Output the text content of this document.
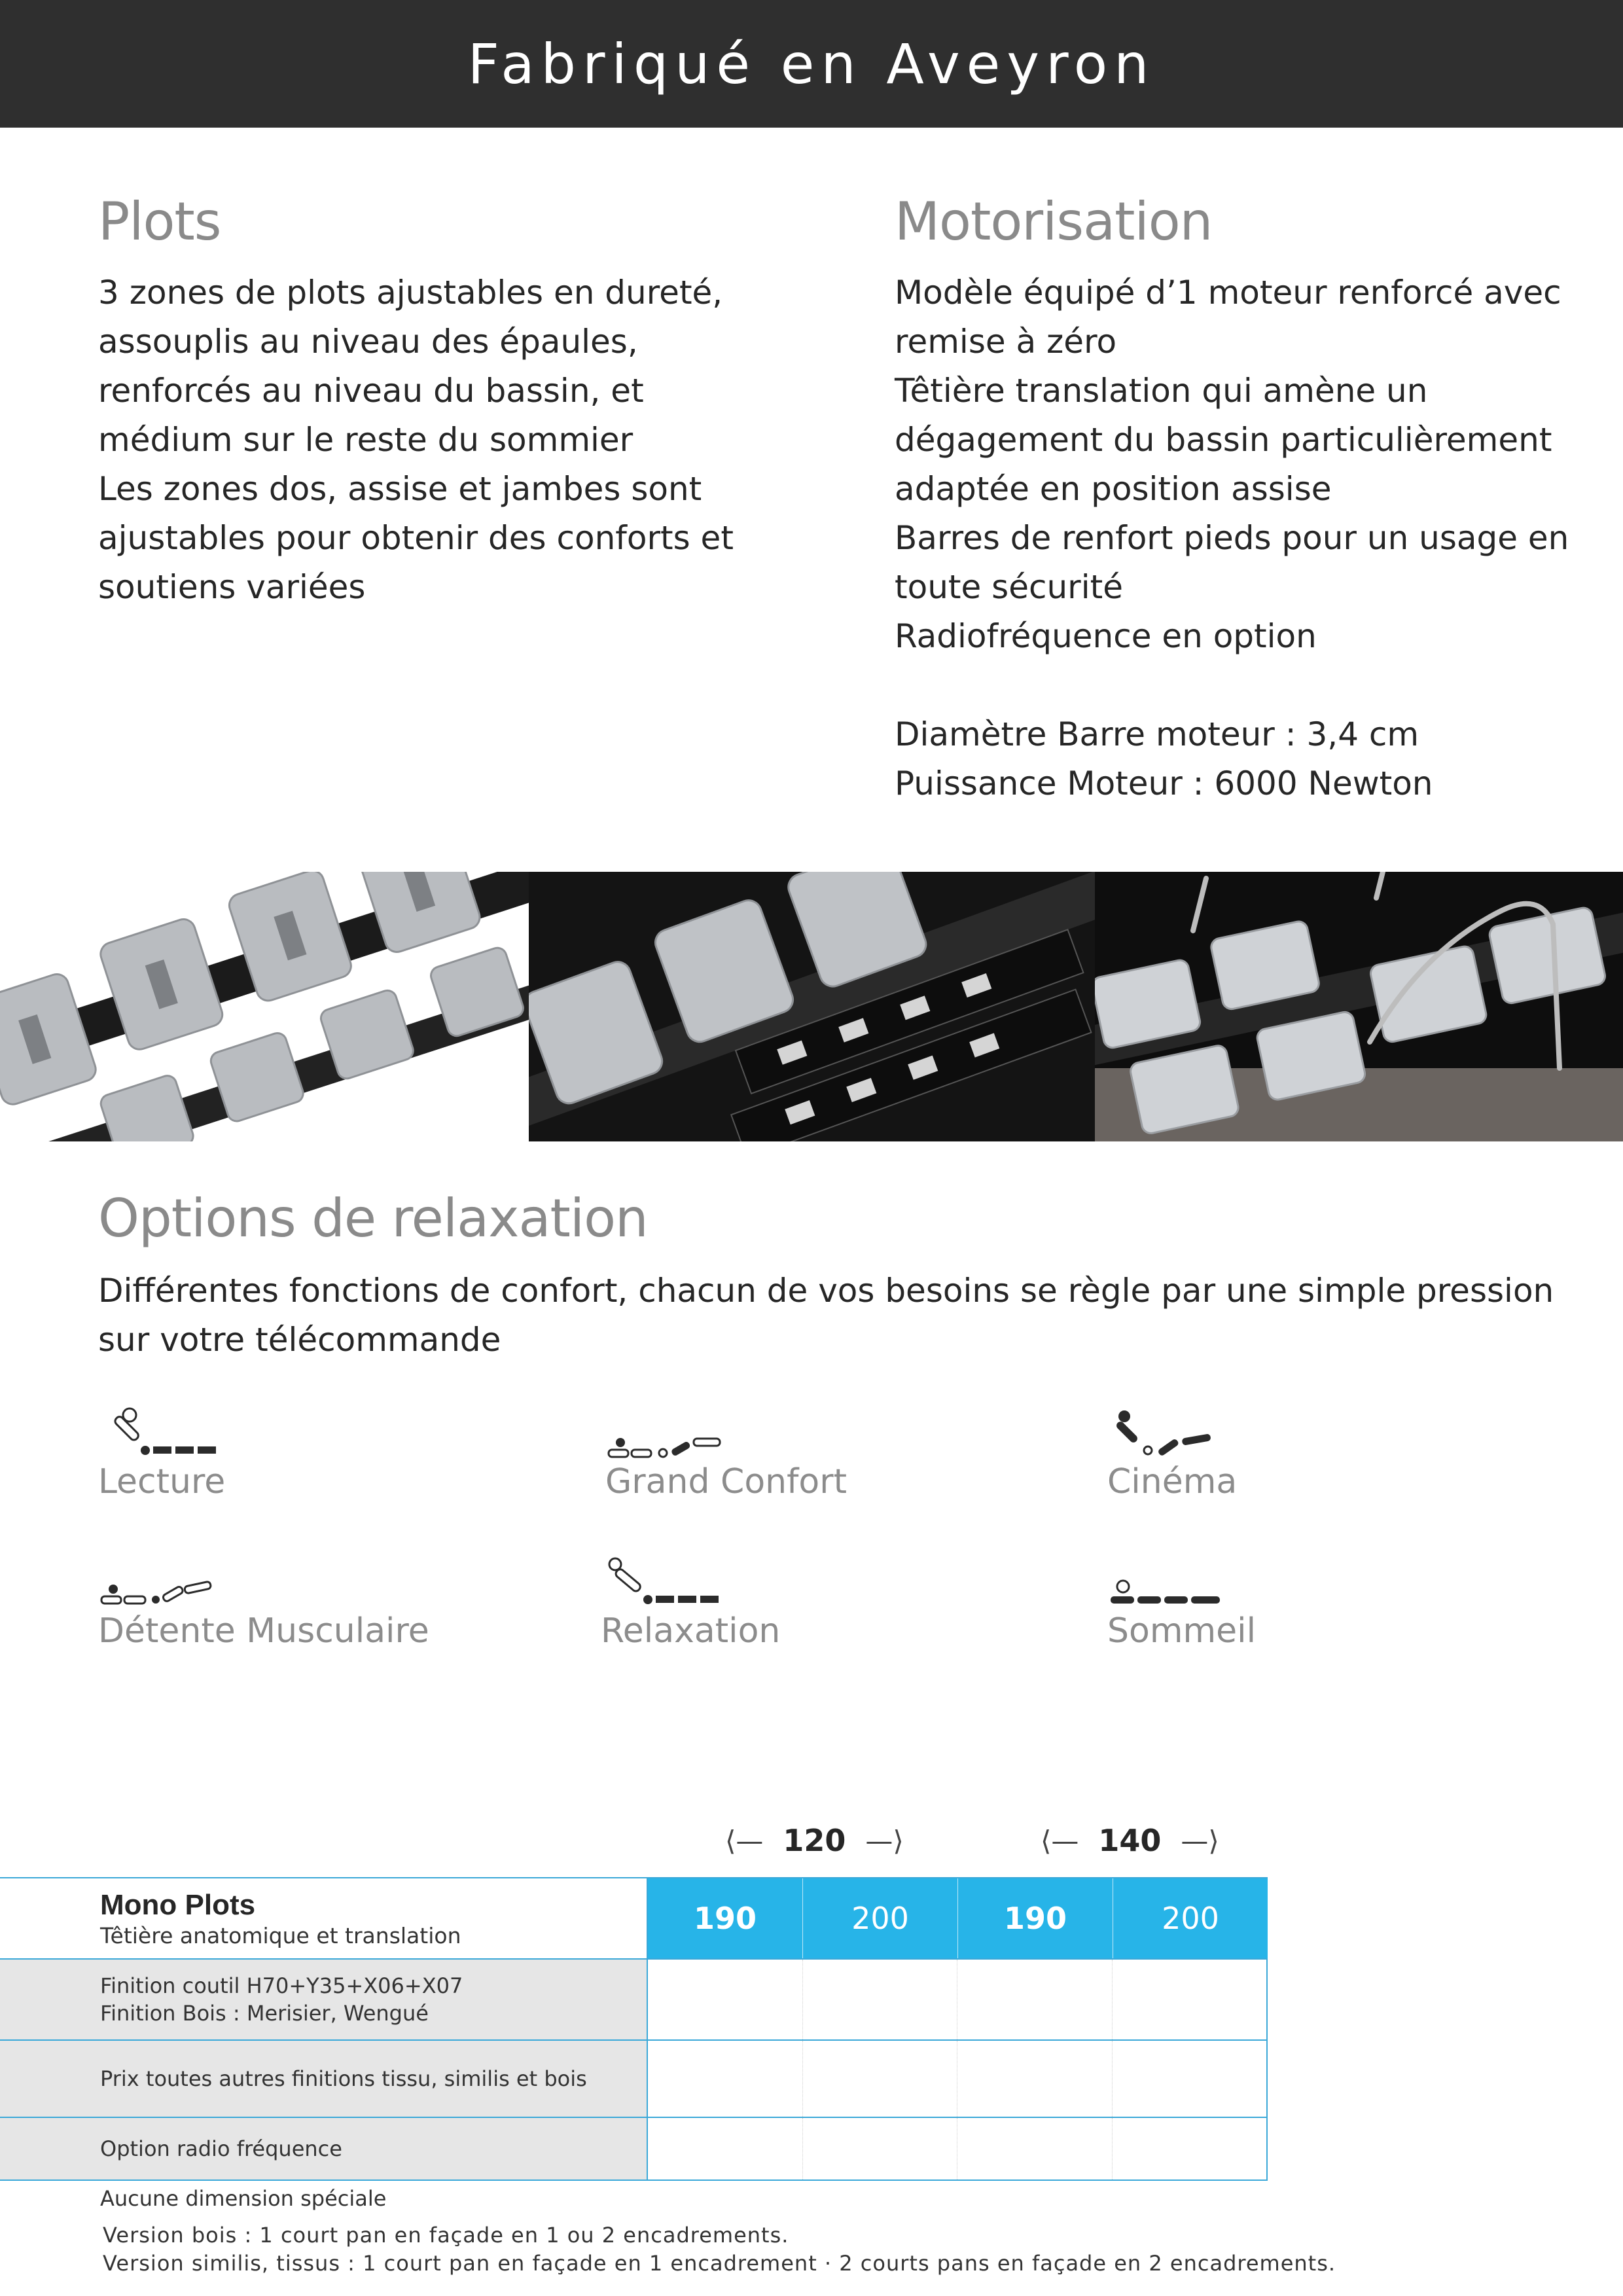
Fabriqué en Aveyron
Plots
3 zones de plots ajustables en dureté,
assouplis au niveau des épaules,
renforcés au niveau du bassin, et
médium sur le reste du sommier
Les zones dos, assise et jambes sont
ajustables pour obtenir des conforts et
soutiens variées
Motorisation
Modèle équipé d’1 moteur renforcé avec
remise à zéro
Têtière translation qui amène un
dégagement du bassin particulièrement
adaptée en position assise
Barres de renfort pieds pour un usage en
toute sécurité
Radiofréquence en option
Diamètre Barre moteur : 3,4 cm
Puissance Moteur : 6000 Newton
Options de relaxation
Différentes fonctions de confort, chacun de vos besoins se règle par une simple pression sur votre télécommande
Lecture	Grand Confort	Cinéma
Détente Musculaire	Relaxation	Sommeil
⟨— 120 —⟩	⟨— 140 —⟩
Mono Plots
Têtière anatomique et translation	190	200	190	200
Finition coutil H70+Y35+X06+X07
Finition Bois : Merisier, Wengué
Prix toutes autres finitions tissu, similis et bois
Option radio fréquence
Aucune dimension spéciale
Version bois : 1 court pan en façade en 1 ou 2 encadrements.
Version similis, tissus : 1 court pan en façade en 1 encadrement · 2 courts pans en façade en 2 encadrements.
